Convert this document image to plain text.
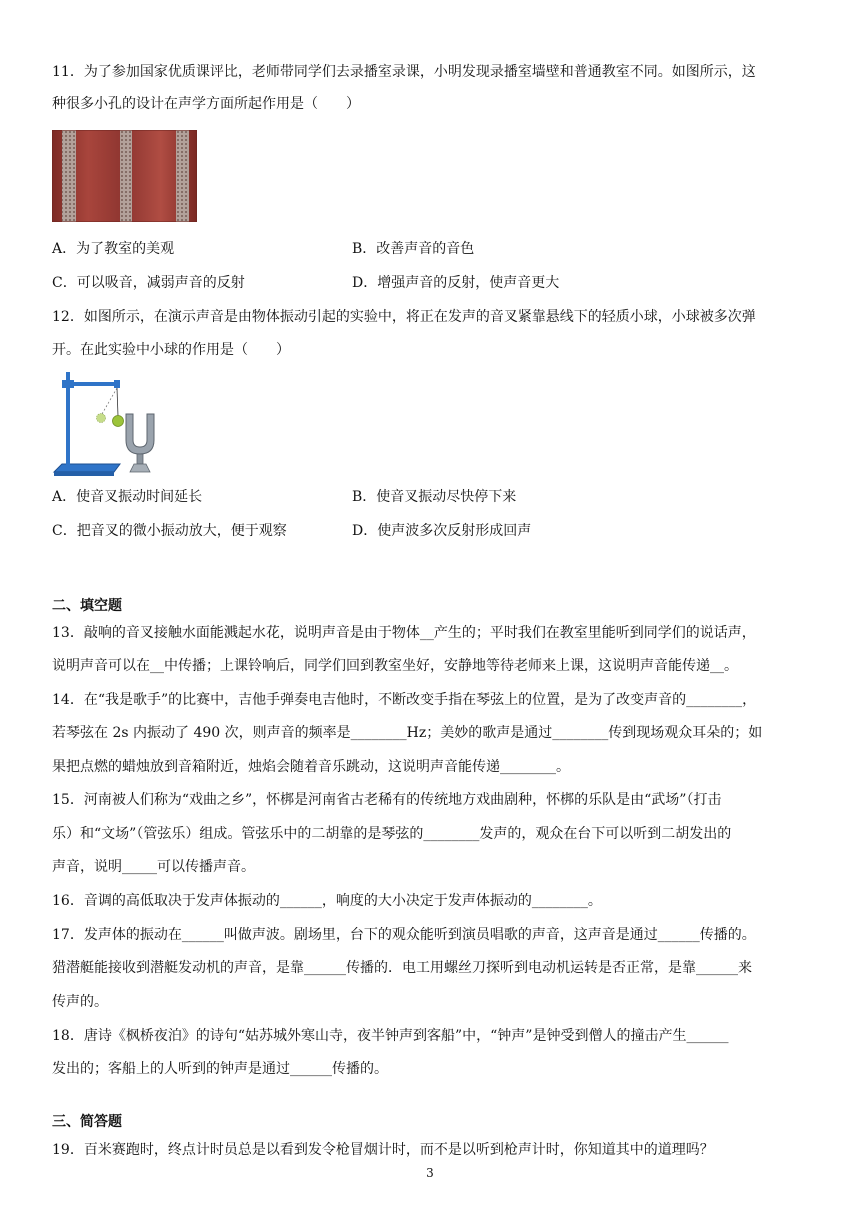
11．为了参加国家优质课评比，老师带同学们去录播室录课，小明发现录播室墙壁和普通教室不同。如图所示，这
种很多小孔的设计在声学方面所起作用是（　　）
A．为了教室的美观	B．改善声音的音色
C．可以吸音，减弱声音的反射	D．增强声音的反射，使声音更大
12．如图所示，在演示声音是由物体振动引起的实验中，将正在发声的音叉紧靠悬线下的轻质小球，小球被多次弹
开。在此实验中小球的作用是（　　）
A．使音叉振动时间延长	B．使音叉振动尽快停下来
C．把音叉的微小振动放大，便于观察	D．使声波多次反射形成回声
二、填空题
13．敲响的音叉接触水面能溅起水花，说明声音是由于物体__产生的；平时我们在教室里能听到同学们的说话声，
说明声音可以在__中传播；上课铃响后，同学们回到教室坐好，安静地等待老师来上课，这说明声音能传递__。
14．在“我是歌手”的比赛中，吉他手弹奏电吉他时，不断改变手指在琴弦上的位置，是为了改变声音的________，
若琴弦在 2s 内振动了 490 次，则声音的频率是________Hz；美妙的歌声是通过________传到现场观众耳朵的；如
果把点燃的蜡烛放到音箱附近，烛焰会随着音乐跳动，这说明声音能传递________。
15．河南被人们称为“戏曲之乡”，怀梆是河南省古老稀有的传统地方戏曲剧种，怀梆的乐队是由“武场”（打击
乐）和“文场”（管弦乐）组成。管弦乐中的二胡靠的是琴弦的________发声的，观众在台下可以听到二胡发出的
声音，说明_____可以传播声音。
16．音调的高低取决于发声体振动的______，响度的大小决定于发声体振动的________。
17．发声体的振动在______叫做声波。剧场里，台下的观众能听到演员唱歌的声音，这声音是通过______传播的。
猎潜艇能接收到潜艇发动机的声音，是靠______传播的．电工用螺丝刀探听到电动机运转是否正常，是靠______来
传声的。
18．唐诗《枫桥夜泊》的诗句“姑苏城外寒山寺，夜半钟声到客船”中，“钟声”是钟受到僧人的撞击产生______
发出的；客船上的人听到的钟声是通过______传播的。
三、简答题
19．百米赛跑时，终点计时员总是以看到发令枪冒烟计时，而不是以听到枪声计时，你知道其中的道理吗？
3
